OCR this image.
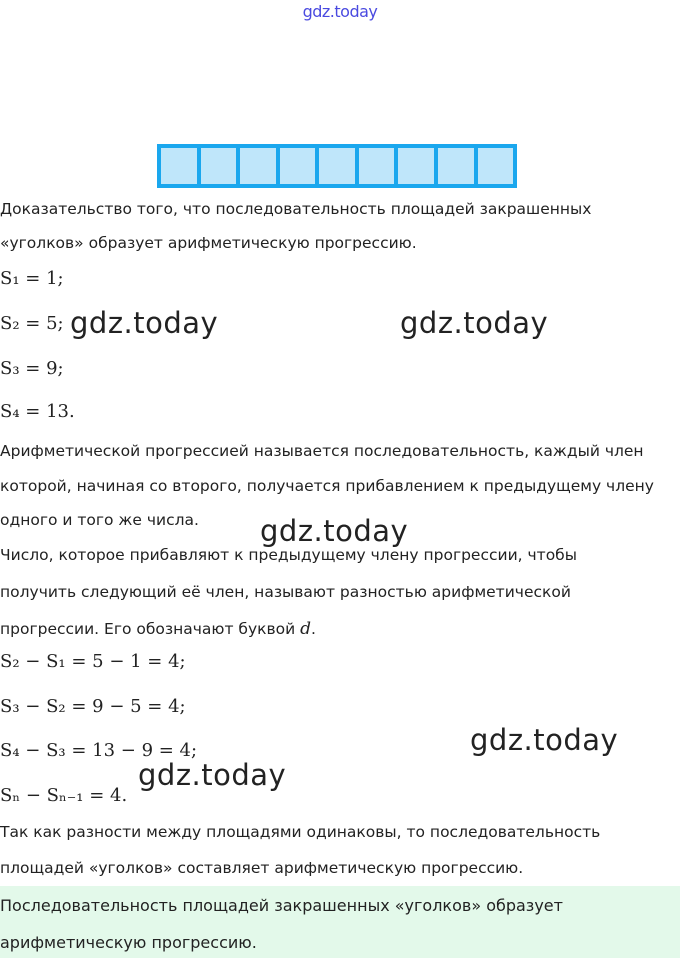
gdz.today
Доказательство того, что последовательность площадей закрашенных
«уголков» образует арифметическую прогрессию.
S₁ = 1;
S₂ = 5;
S₃ = 9;
S₄ = 13.
Арифметической прогрессией называется последовательность, каждый член
которой, начиная со второго, получается прибавлением к предыдущему члену
одного и того же числа.
Число, которое прибавляют к предыдущему члену прогрессии, чтобы
получить следующий её член, называют разностью арифметической
прогрессии. Его обозначают буквой d.
S₂ − S₁ = 5 − 1 = 4;
S₃ − S₂ = 9 − 5 = 4;
S₄ − S₃ = 13 − 9 = 4;
Sₙ − Sₙ₋₁ = 4.
Так как разности между площадями одинаковы, то последовательность
площадей «уголков» составляет арифметическую прогрессию.
Последовательность площадей закрашенных «уголков» образует
арифметическую прогрессию.
gdz.today	gdz.today
gdz.today
gdz.today
gdz.today
